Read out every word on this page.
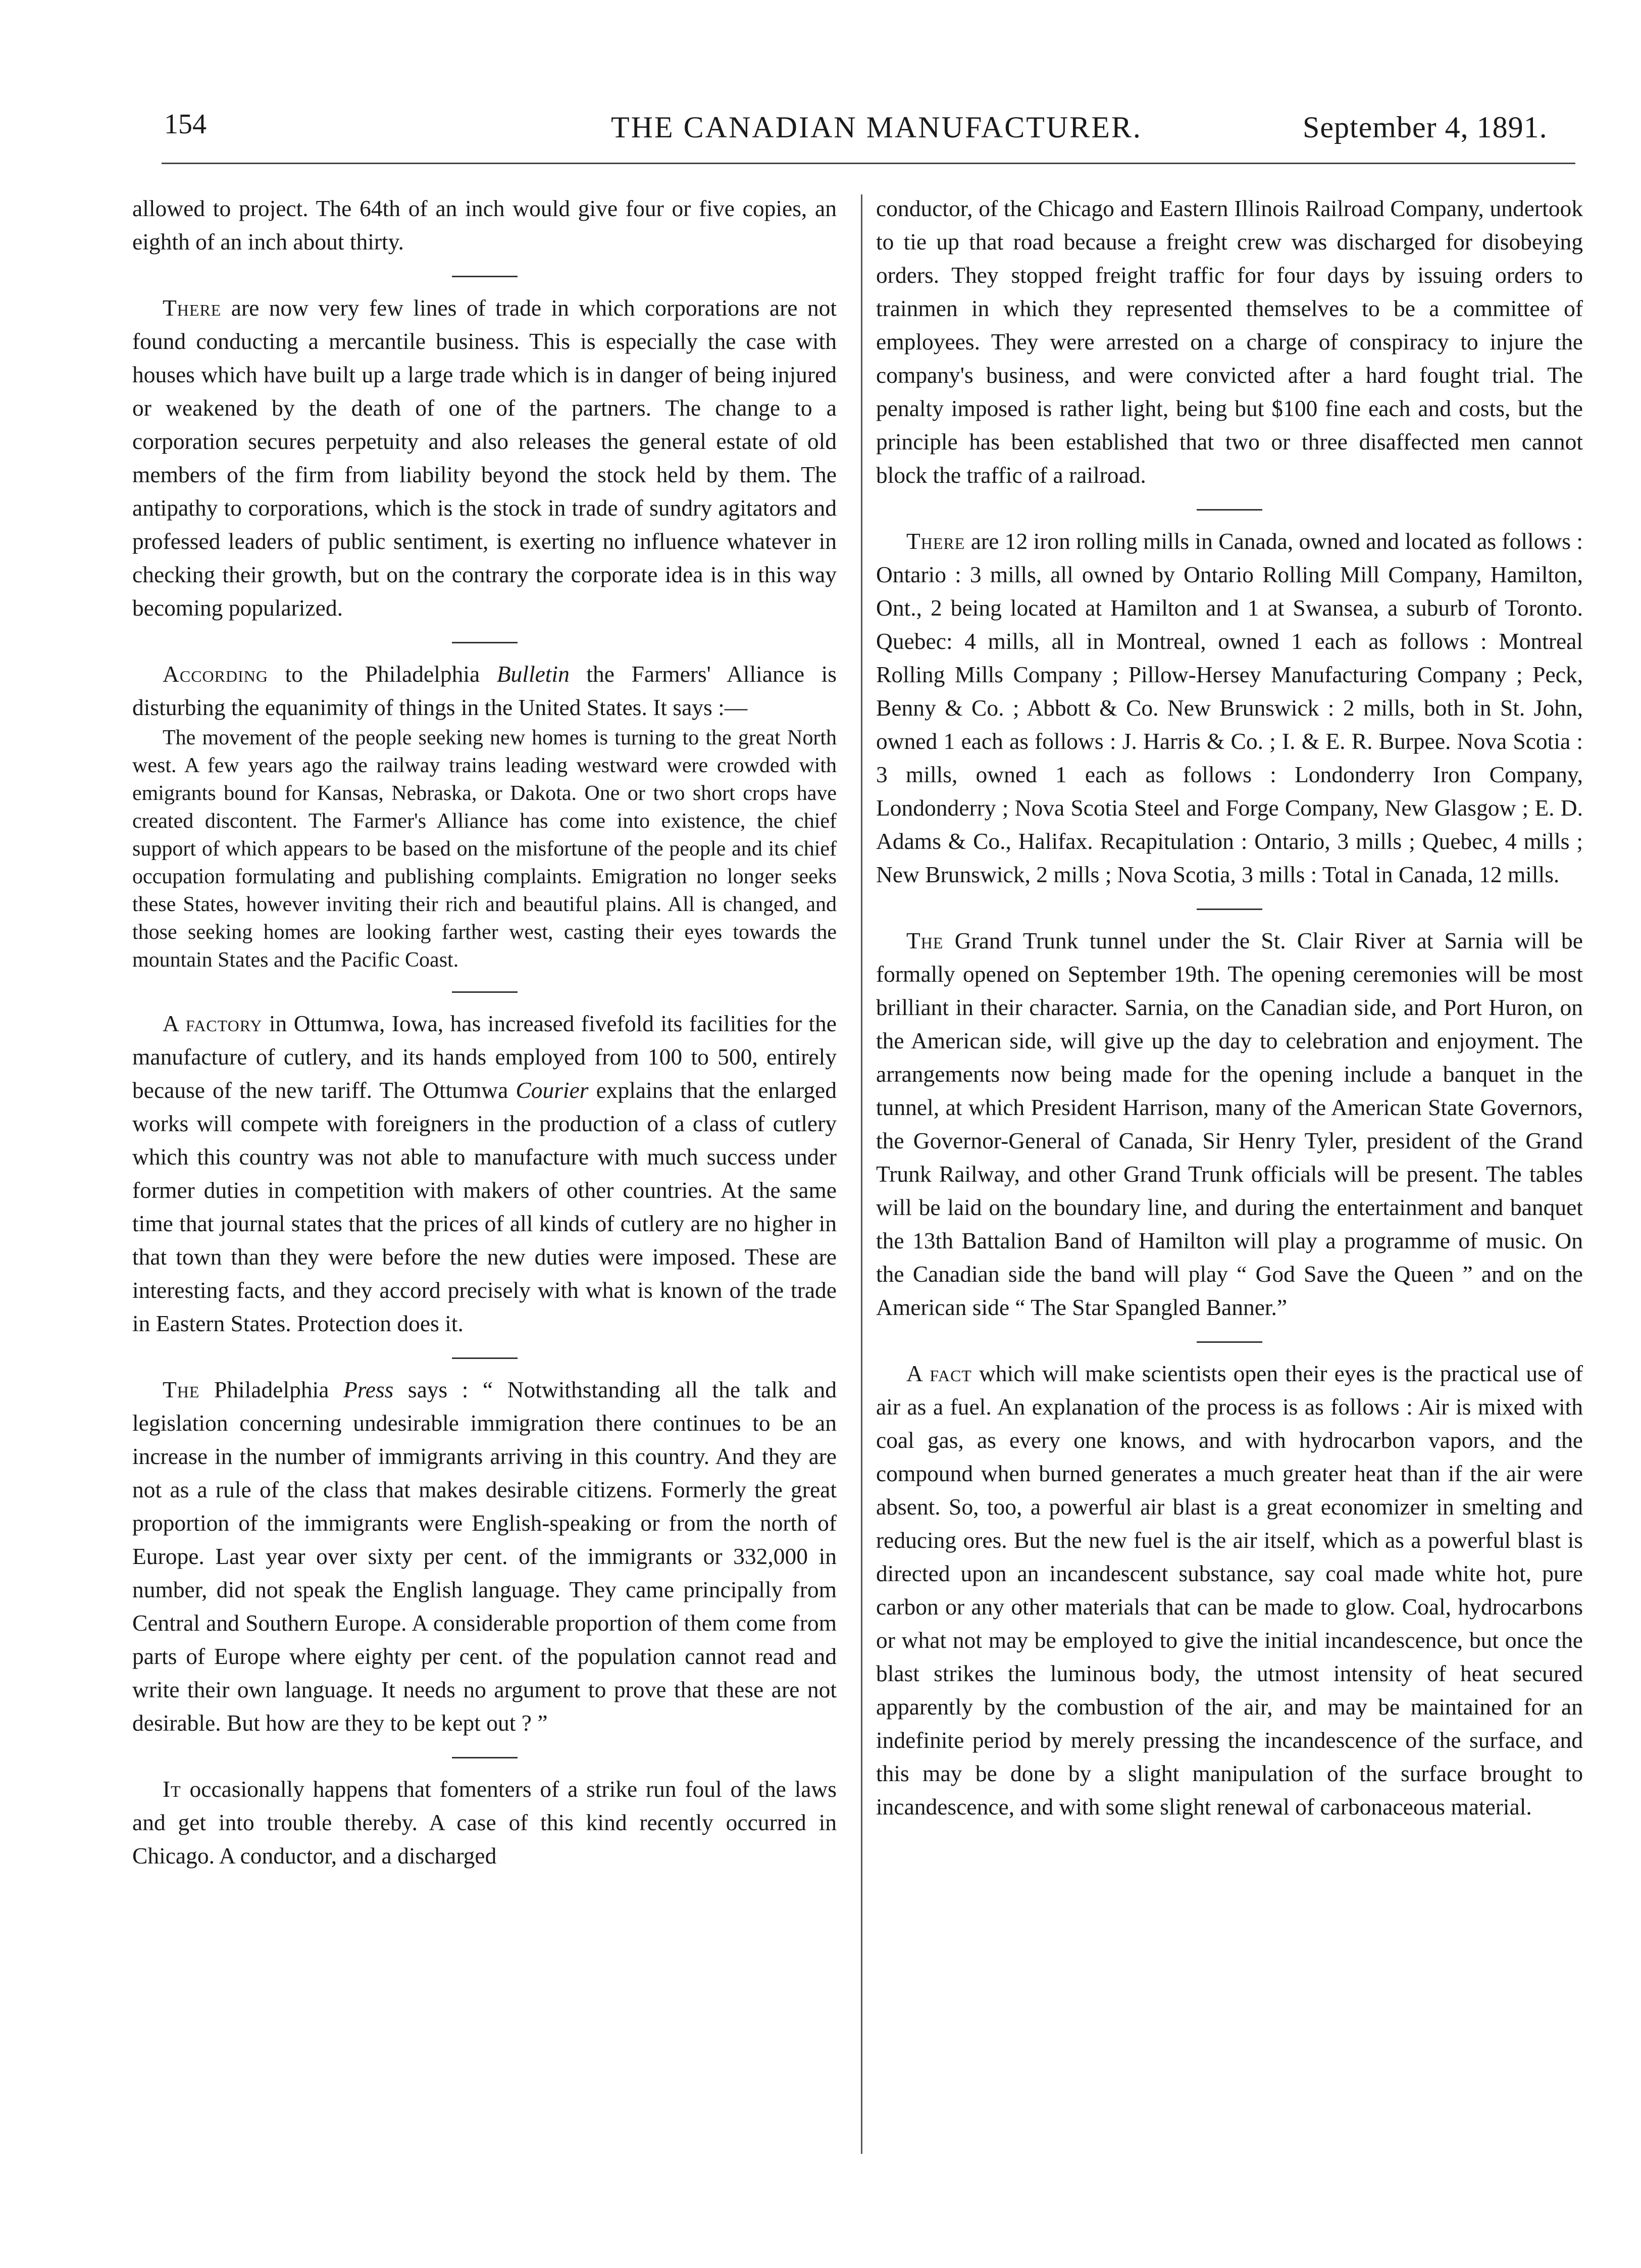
154	THE CANADIAN MANUFACTURER.	September 4, 1891.

allowed to project. The 64th of an inch would give four or five copies, an eighth of an inch about thirty.

There are now very few lines of trade in which corporations are not found conducting a mercantile business. This is especially the case with houses which have built up a large trade which is in danger of being injured or weakened by the death of one of the partners. The change to a corporation secures perpetuity and also releases the general estate of old members of the firm from liability beyond the stock held by them. The antipathy to corporations, which is the stock in trade of sundry agitators and professed leaders of public sentiment, is exerting no influence whatever in checking their growth, but on the contrary the corporate idea is in this way becoming popularized.

According to the Philadelphia Bulletin the Farmers' Alliance is disturbing the equanimity of things in the United States. It says :—

The movement of the people seeking new homes is turning to the great North west. A few years ago the railway trains leading westward were crowded with emigrants bound for Kansas, Nebraska, or Dakota. One or two short crops have created discontent. The Farmer's Alliance has come into existence, the chief support of which appears to be based on the misfortune of the people and its chief occupation formulating and publishing complaints. Emigration no longer seeks these States, however inviting their rich and beautiful plains. All is changed, and those seeking homes are looking farther west, casting their eyes towards the mountain States and the Pacific Coast.

A factory in Ottumwa, Iowa, has increased fivefold its facilities for the manufacture of cutlery, and its hands employed from 100 to 500, entirely because of the new tariff. The Ottumwa Courier explains that the enlarged works will compete with foreigners in the production of a class of cutlery which this country was not able to manufacture with much success under former duties in competition with makers of other countries. At the same time that journal states that the prices of all kinds of cutlery are no higher in that town than they were before the new duties were imposed. These are interesting facts, and they accord precisely with what is known of the trade in Eastern States. Protection does it.

The Philadelphia Press says : “ Notwithstanding all the talk and legislation concerning undesirable immigration there continues to be an increase in the number of immigrants arriving in this country. And they are not as a rule of the class that makes desirable citizens. Formerly the great proportion of the immigrants were English-speaking or from the north of Europe. Last year over sixty per cent. of the immigrants or 332,000 in number, did not speak the English language. They came principally from Central and Southern Europe. A considerable proportion of them come from parts of Europe where eighty per cent. of the population cannot read and write their own language. It needs no argument to prove that these are not desirable. But how are they to be kept out ? ”

It occasionally happens that fomenters of a strike run foul of the laws and get into trouble thereby. A case of this kind recently occurred in Chicago. A conductor, and a discharged

conductor, of the Chicago and Eastern Illinois Railroad Company, undertook to tie up that road because a freight crew was discharged for disobeying orders. They stopped freight traffic for four days by issuing orders to trainmen in which they represented themselves to be a committee of employees. They were arrested on a charge of conspiracy to injure the company's business, and were convicted after a hard fought trial. The penalty imposed is rather light, being but $100 fine each and costs, but the principle has been established that two or three disaffected men cannot block the traffic of a railroad.

There are 12 iron rolling mills in Canada, owned and located as follows : Ontario : 3 mills, all owned by Ontario Rolling Mill Company, Hamilton, Ont., 2 being located at Hamilton and 1 at Swansea, a suburb of Toronto. Quebec: 4 mills, all in Montreal, owned 1 each as follows : Montreal Rolling Mills Company ; Pillow-Hersey Manufacturing Company ; Peck, Benny & Co. ; Abbott & Co. New Brunswick : 2 mills, both in St. John, owned 1 each as follows : J. Harris & Co. ; I. & E. R. Burpee. Nova Scotia : 3 mills, owned 1 each as follows : Londonderry Iron Company, Londonderry ; Nova Scotia Steel and Forge Company, New Glasgow ; E. D. Adams & Co., Halifax. Recapitulation : Ontario, 3 mills ; Quebec, 4 mills ; New Brunswick, 2 mills ; Nova Scotia, 3 mills : Total in Canada, 12 mills.

The Grand Trunk tunnel under the St. Clair River at Sarnia will be formally opened on September 19th. The opening ceremonies will be most brilliant in their character. Sarnia, on the Canadian side, and Port Huron, on the American side, will give up the day to celebration and enjoyment. The arrangements now being made for the opening include a banquet in the tunnel, at which President Harrison, many of the American State Governors, the Governor-General of Canada, Sir Henry Tyler, president of the Grand Trunk Railway, and other Grand Trunk officials will be present. The tables will be laid on the boundary line, and during the entertainment and banquet the 13th Battalion Band of Hamilton will play a programme of music. On the Canadian side the band will play “ God Save the Queen ” and on the American side “ The Star Spangled Banner.”

A fact which will make scientists open their eyes is the practical use of air as a fuel. An explanation of the process is as follows : Air is mixed with coal gas, as every one knows, and with hydrocarbon vapors, and the compound when burned generates a much greater heat than if the air were absent. So, too, a powerful air blast is a great economizer in smelting and reducing ores. But the new fuel is the air itself, which as a powerful blast is directed upon an incandescent substance, say coal made white hot, pure carbon or any other materials that can be made to glow. Coal, hydrocarbons or what not may be employed to give the initial incandescence, but once the blast strikes the luminous body, the utmost intensity of heat secured apparently by the combustion of the air, and may be maintained for an indefinite period by merely pressing the incandescence of the surface, and this may be done by a slight manipulation of the surface brought to incandescence, and with some slight renewal of carbonaceous material.
